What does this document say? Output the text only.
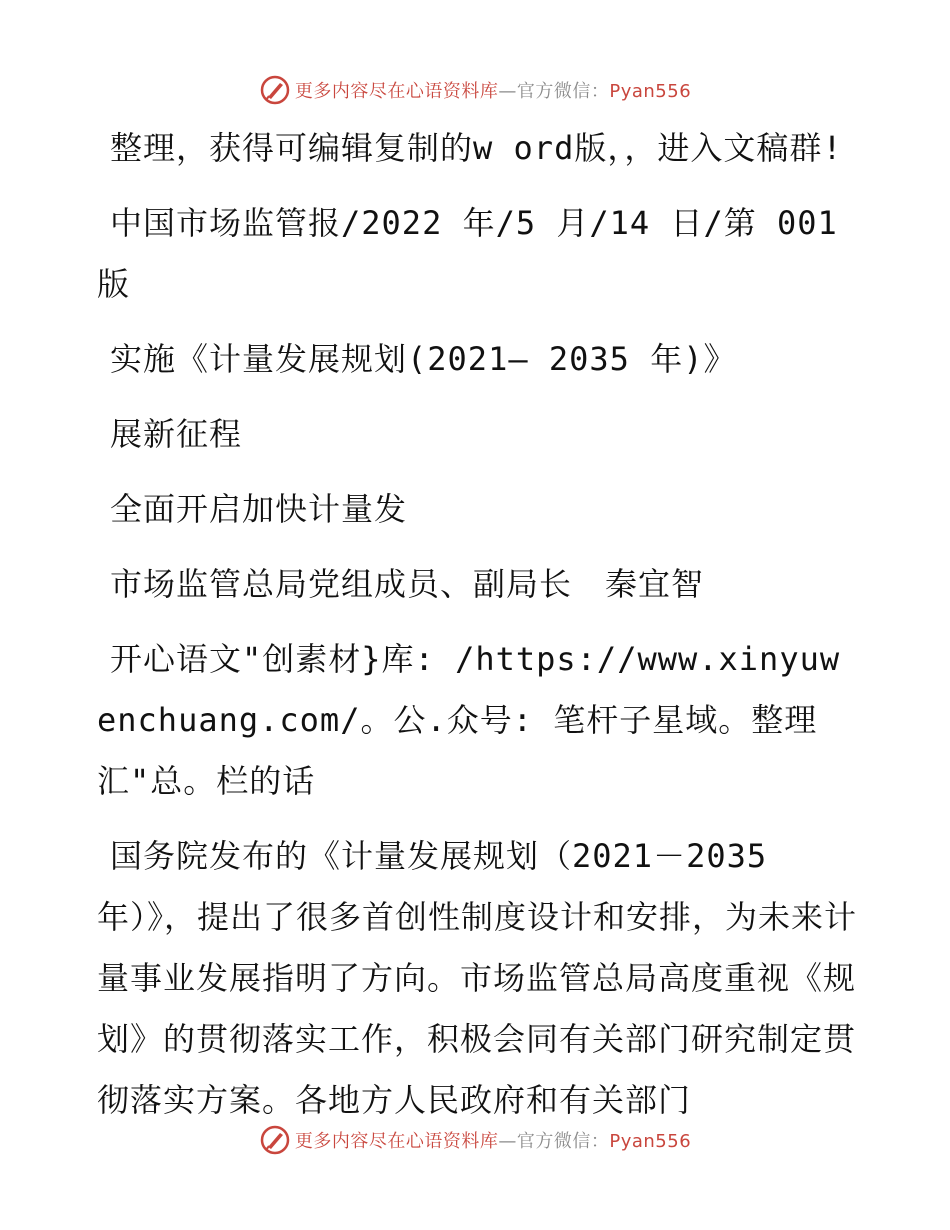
更多内容尽在心语资料库—官方微信：Pyan556

整理，获得可编辑复制的w ord版，，进入文稿群!

中国市场监管报/2022 年/5 月/14 日/第 001 版

实施《计量发展规划(2021— 2035 年)》

展新征程

全面开启加快计量发

市场监管总局党组成员、副局长　秦宜智

开心语文"创素材}库: /https://www.xinyuwenchuang.com/。公.众号: 笔杆子星域。整理汇"总。栏的话

国务院发布的《计量发展规划（2021－2035年）》，提出了很多首创性制度设计和安排，为未来计量事业发展指明了方向。市场监管总局高度重视《规划》的贯彻落实工作，积极会同有关部门研究制定贯彻落实方案。各地方人民政府和有关部门

更多内容尽在心语资料库—官方微信：Pyan556
